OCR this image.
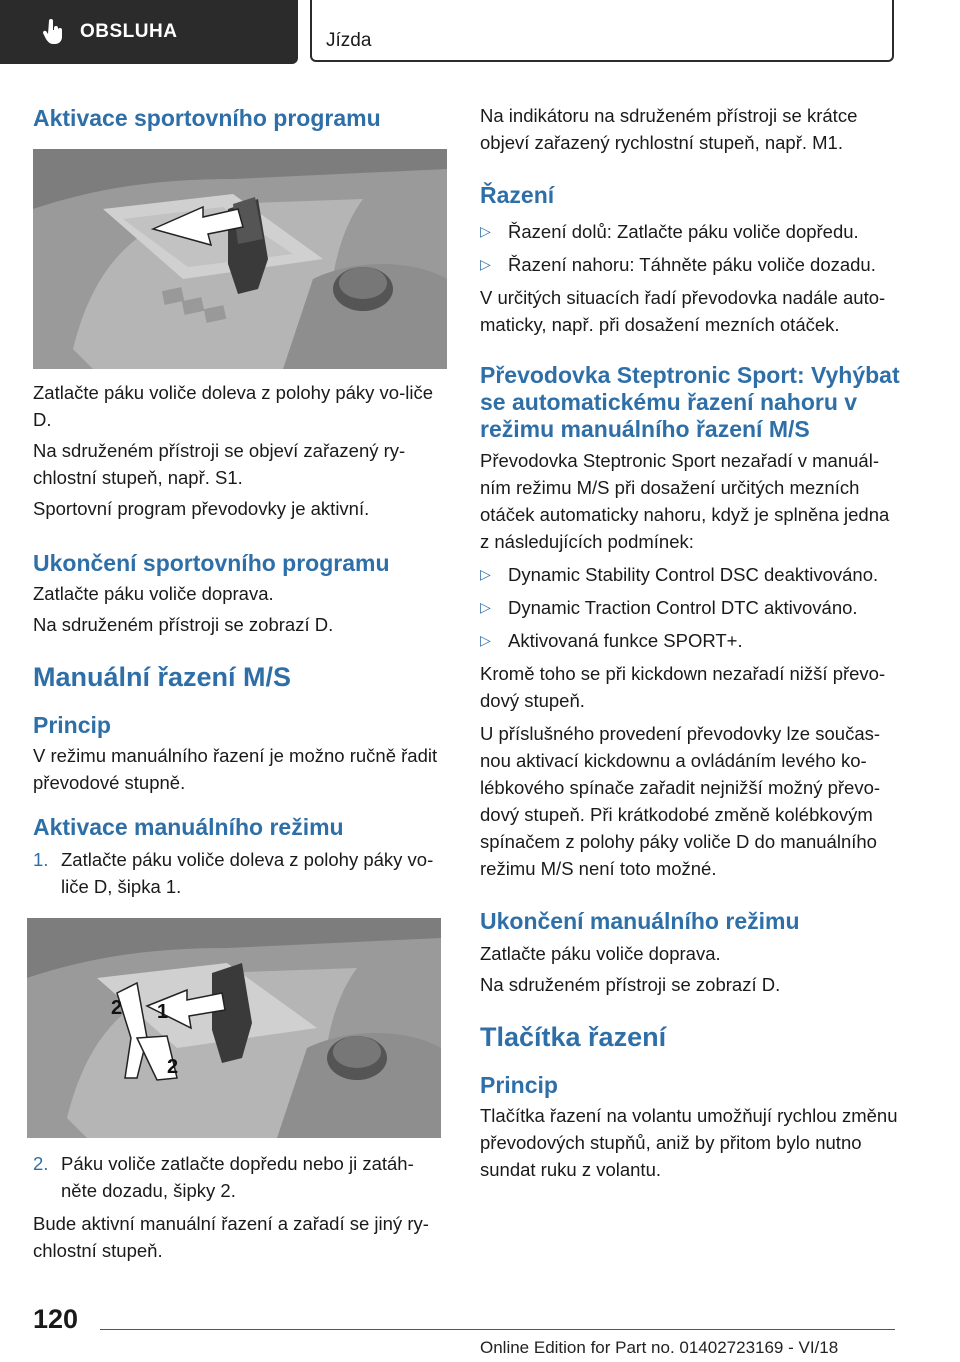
OBSLUHA	Jízda
Aktivace sportovního programu

Zatlačte páku voliče doleva z polohy páky vo-liče D.

Na sdruženém přístroji se objeví zařazený ry-chlostní stupeň, např. S1.

Sportovní program převodovky je aktivní.

Ukončení sportovního programu

Zatlačte páku voliče doprava.

Na sdruženém přístroji se zobrazí D.

Manuální řazení M/S
Princip

V režimu manuálního řazení je možno ručně řadit převodové stupně.

Aktivace manuálního režimu
1. Zatlačte páku voliče doleva z polohy páky vo-liče D, šipka 1.
1
2
2
2. Páku voliče zatlačte dopředu nebo ji zatáh-něte dozadu, šipky 2.

Bude aktivní manuální řazení a zařadí se jiný ry-chlostní stupeň.

Na indikátoru na sdruženém přístroji se krátce objeví zařazený rychlostní stupeň, např. M1.

Řazení
▷ Řazení dolů: Zatlačte páku voliče dopředu.
▷ Řazení nahoru: Táhněte páku voliče dozadu.

V určitých situacích řadí převodovka nadále auto-maticky, např. při dosažení mezních otáček.

Převodovka Steptronic Sport: Vyhýbat se automatickému řazení nahoru v režimu manuálního řazení M/S

Převodovka Steptronic Sport nezařadí v manuál-ním režimu M/S při dosažení určitých mezních otáček automaticky nahoru, když je splněna jedna z následujících podmínek:

▷ Dynamic Stability Control DSC deaktivováno.
▷ Dynamic Traction Control DTC aktivováno.
▷ Aktivovaná funkce SPORT+.

Kromě toho se při kickdown nezařadí nižší převo-dový stupeň.

U příslušného provedení převodovky lze součas-nou aktivací kickdownu a ovládáním levého ko-lébkového spínače zařadit nejnižší možný převo-dový stupeň. Při krátkodobé změně kolébkovým spínačem z polohy páky voliče D do manuálního režimu M/S není toto možné.

Ukončení manuálního režimu

Zatlačte páku voliče doprava.

Na sdruženém přístroji se zobrazí D.

Tlačítka řazení
Princip

Tlačítka řazení na volantu umožňují rychlou změnu převodových stupňů, aniž by přitom bylo nutno sundat ruku z volantu.

120
Online Edition for Part no. 01402723169 - VI/18
